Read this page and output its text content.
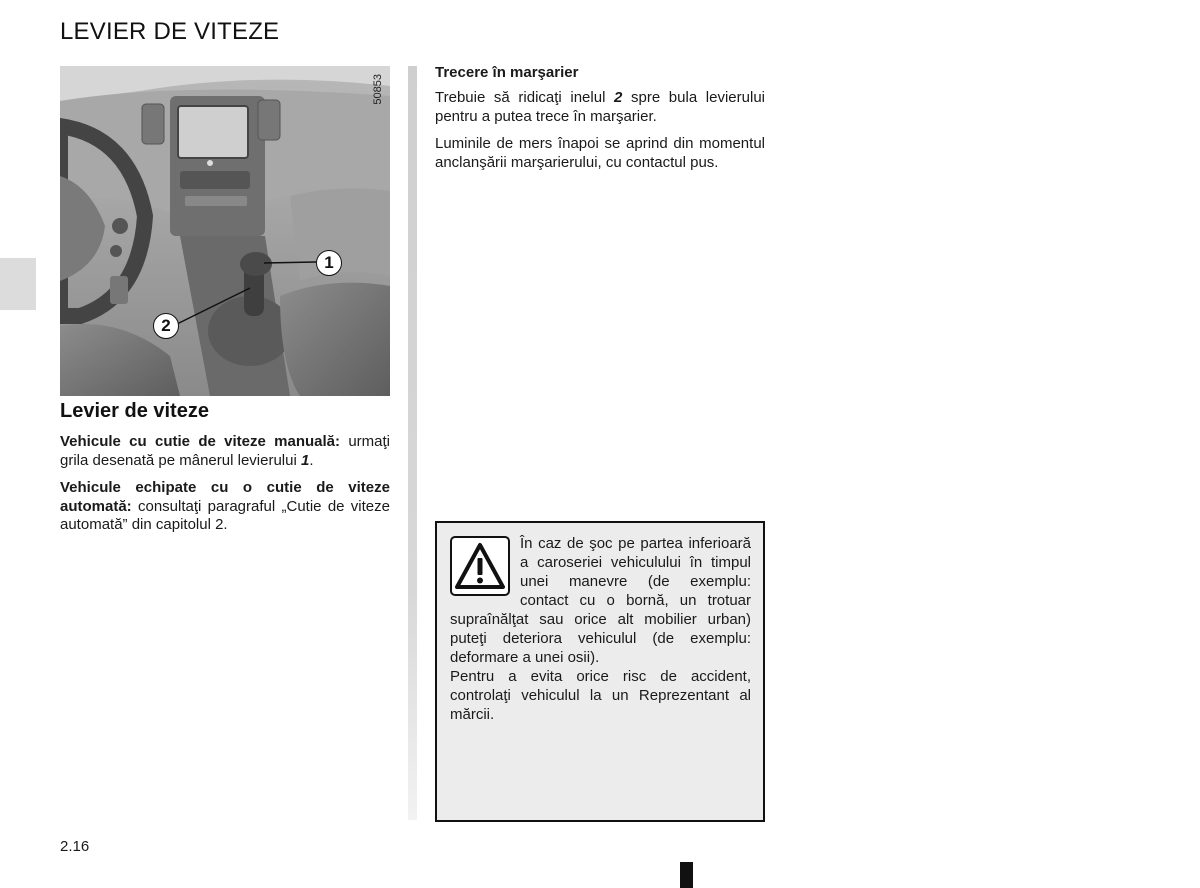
LEVIER DE VITEZE
50853
1
2
Levier de viteze

Vehicule cu cutie de viteze manuală: urmaţi grila desenată pe mânerul levierului 1.

Vehicule echipate cu o cutie de viteze automată: consultaţi paragraful „Cutie de viteze automată” din capitolul 2.

Trecere în marşarier

Trebuie să ridicaţi inelul 2 spre bula levierului pentru a putea trece în marşarier.

Luminile de mers înapoi se aprind din momentul anclanşării marşarierului, cu contactul pus.

În caz de şoc pe partea inferioară a caroseriei vehiculului în timpul unei manevre (de exemplu: contact cu o bornă, un trotuar supraînălţat sau orice alt mobilier urban) puteţi deteriora vehiculul (de exemplu: deformare a unei osii).
Pentru a evita orice risc de accident, controlaţi vehiculul la un Reprezentant al mărcii.
2.16
